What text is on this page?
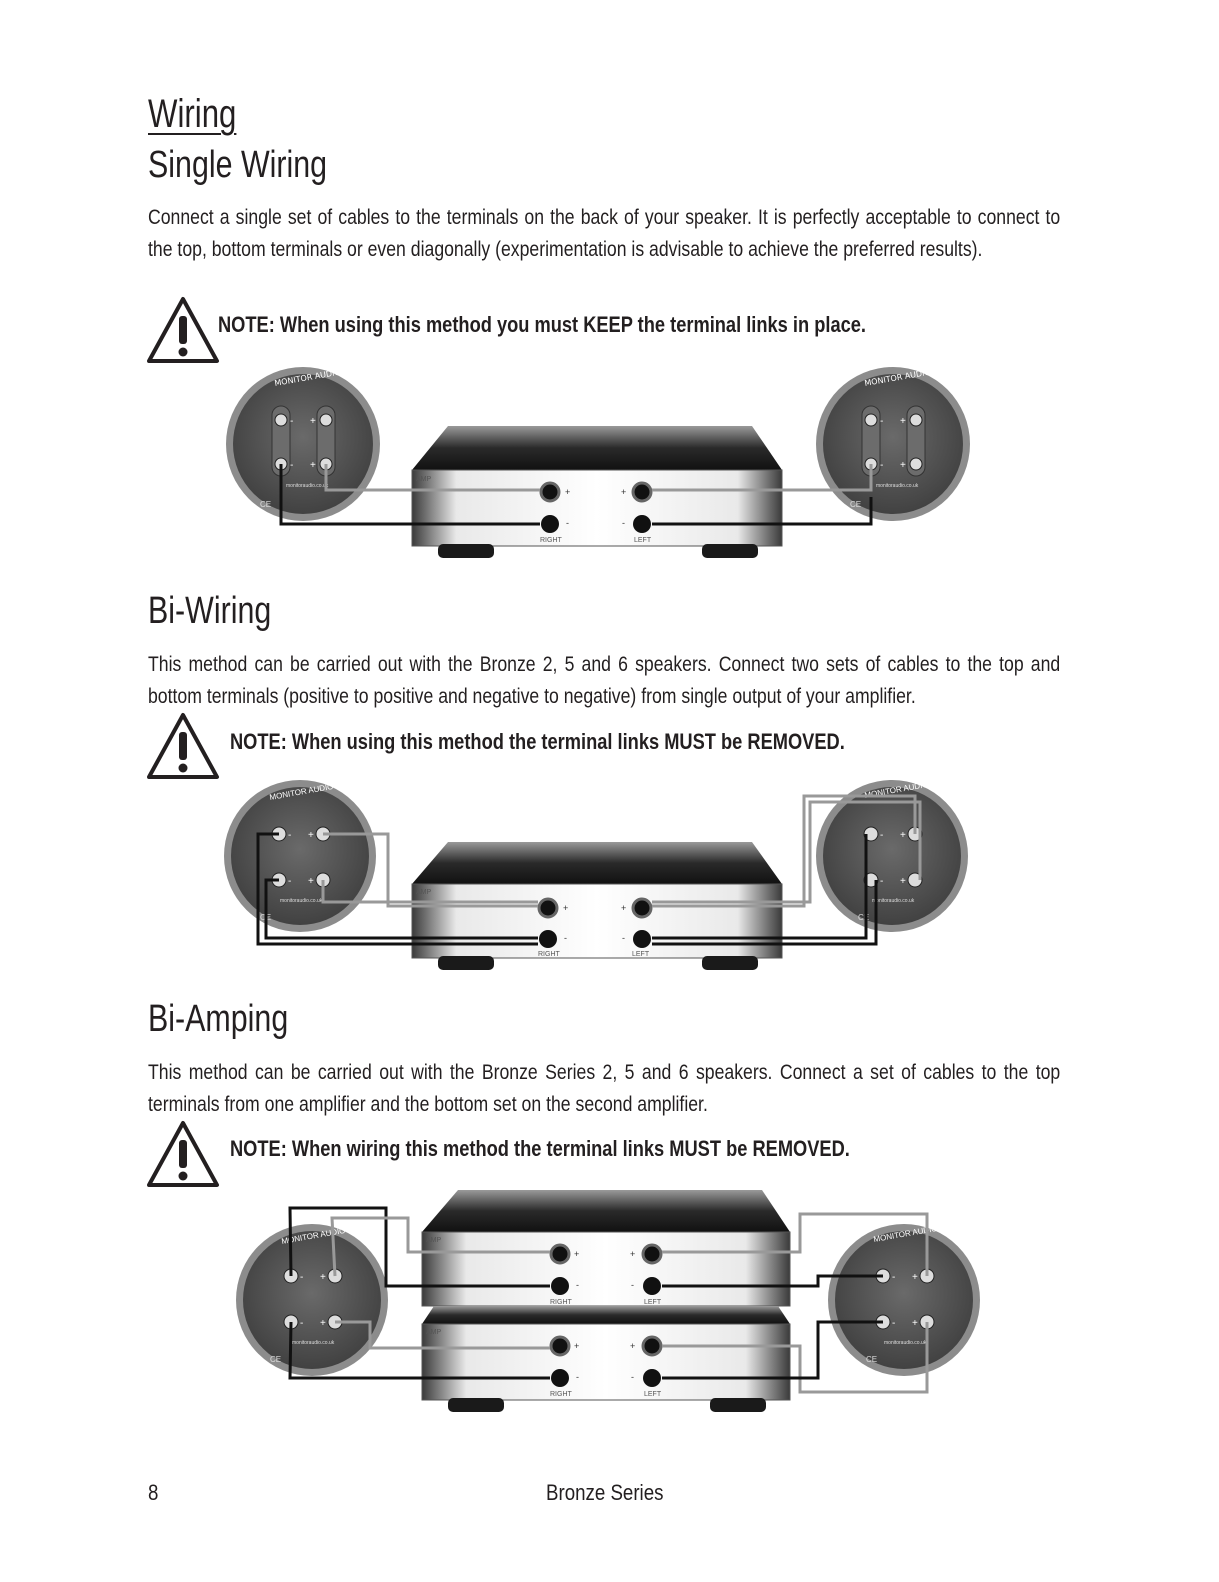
Wiring
Single Wiring
Connect a single set of cables to the terminals on the back of your speaker. It is perfectly acceptable to connect to the top, bottom terminals or even diagonally (experimentation is advisable to achieve the preferred results).
NOTE: When using this method you must KEEP the terminal links in place.
Bi-Wiring
This method can be carried out with the Bronze 2, 5 and 6 speakers. Connect two sets of cables to the top and bottom terminals (positive to positive and negative to negative) from single output of your amplifier.
NOTE: When using this method the terminal links MUST be REMOVED.
Bi-Amping
This method can be carried out with the Bronze Series 2, 5 and 6 speakers. Connect a set of cables to the top terminals from one amplifier and the bottom set on the second amplifier.
NOTE: When wiring this method the terminal links MUST be REMOVED.
MONITOR AUDIO
- +
- +
monitoraudio.co.uk
CE
MONITOR AUDIO
- +
- +
monitoraudio.co.uk
CE
AMP
+	+
-	-
RIGHT	LEFT
MONITOR AUDIO
- +
- +
monitoraudio.co.uk
CE
MONITOR AUDIO
- +
- +
monitoraudio.co.uk
CE
AMP
+	+
-	-
RIGHT	LEFT
MONITOR AUDIO
- +
- +
monitoraudio.co.uk
CE
MONITOR AUDIO
- +
- +
monitoraudio.co.uk
CE
AMP
+	+
-	-
RIGHT	LEFT
AMP
+	+
-	-
RIGHT	LEFT
8	Bronze Series
